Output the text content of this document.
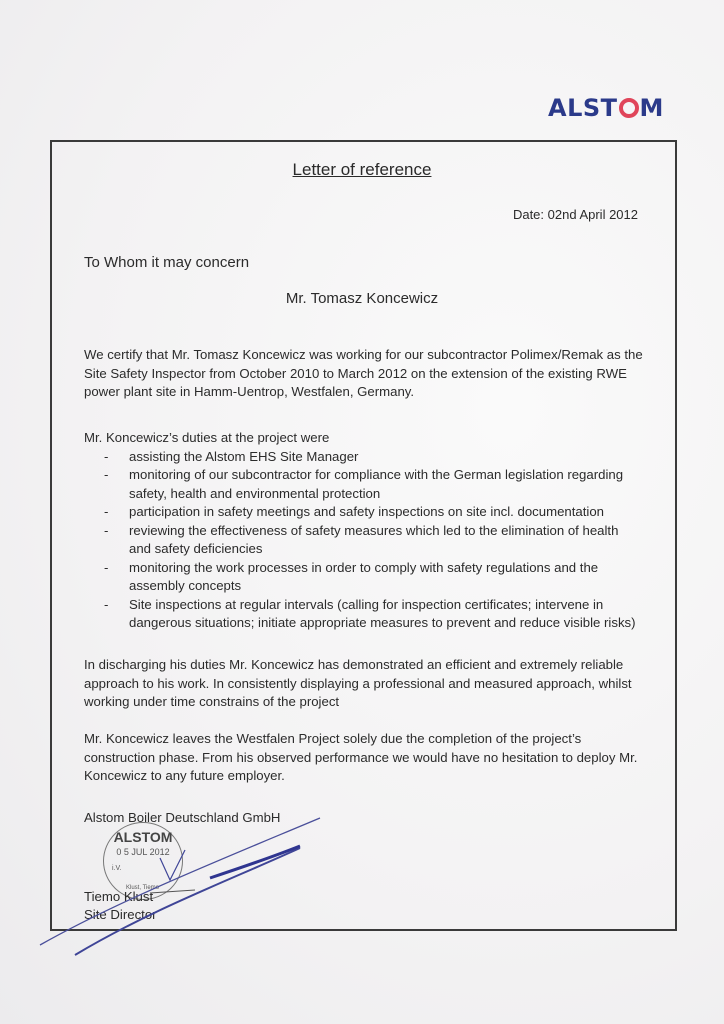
ALST M
Letter of reference
Date: 02nd April 2012
To Whom it may concern
Mr. Tomasz Koncewicz
We certify that Mr. Tomasz Koncewicz was working for our subcontractor Polimex/Remak as the Site Safety Inspector from October 2010 to March 2012 on the extension of the existing RWE power plant site in Hamm-Uentrop, Westfalen, Germany.
Mr. Koncewicz’s duties at the project were
- assisting the Alstom EHS Site Manager
- monitoring of our subcontractor for compliance with the German legislation regarding safety, health and environmental protection
- participation in safety meetings and safety inspections on site incl. documentation
- reviewing the effectiveness of safety measures which led to the elimination of health and safety deficiencies
- monitoring the work processes in order to comply with safety regulations and the assembly concepts
- Site inspections at regular intervals (calling for inspection certificates; intervene in dangerous situations; initiate appropriate measures to prevent and reduce visible risks)
In discharging his duties Mr. Koncewicz has demonstrated an efficient and extremely reliable approach to his work. In consistently displaying a professional and measured approach, whilst working under time constrains of the project
Mr. Koncewicz leaves the Westfalen Project solely due the completion of the project’s construction phase. From his observed performance we would have no hesitation to deploy Mr. Koncewicz to any future employer.
Alstom Boiler Deutschland GmbH
ALSTOM
0 5 JUL 2012
i.V.
Klust, Tiemo
Tiemo Klust
Site Director
